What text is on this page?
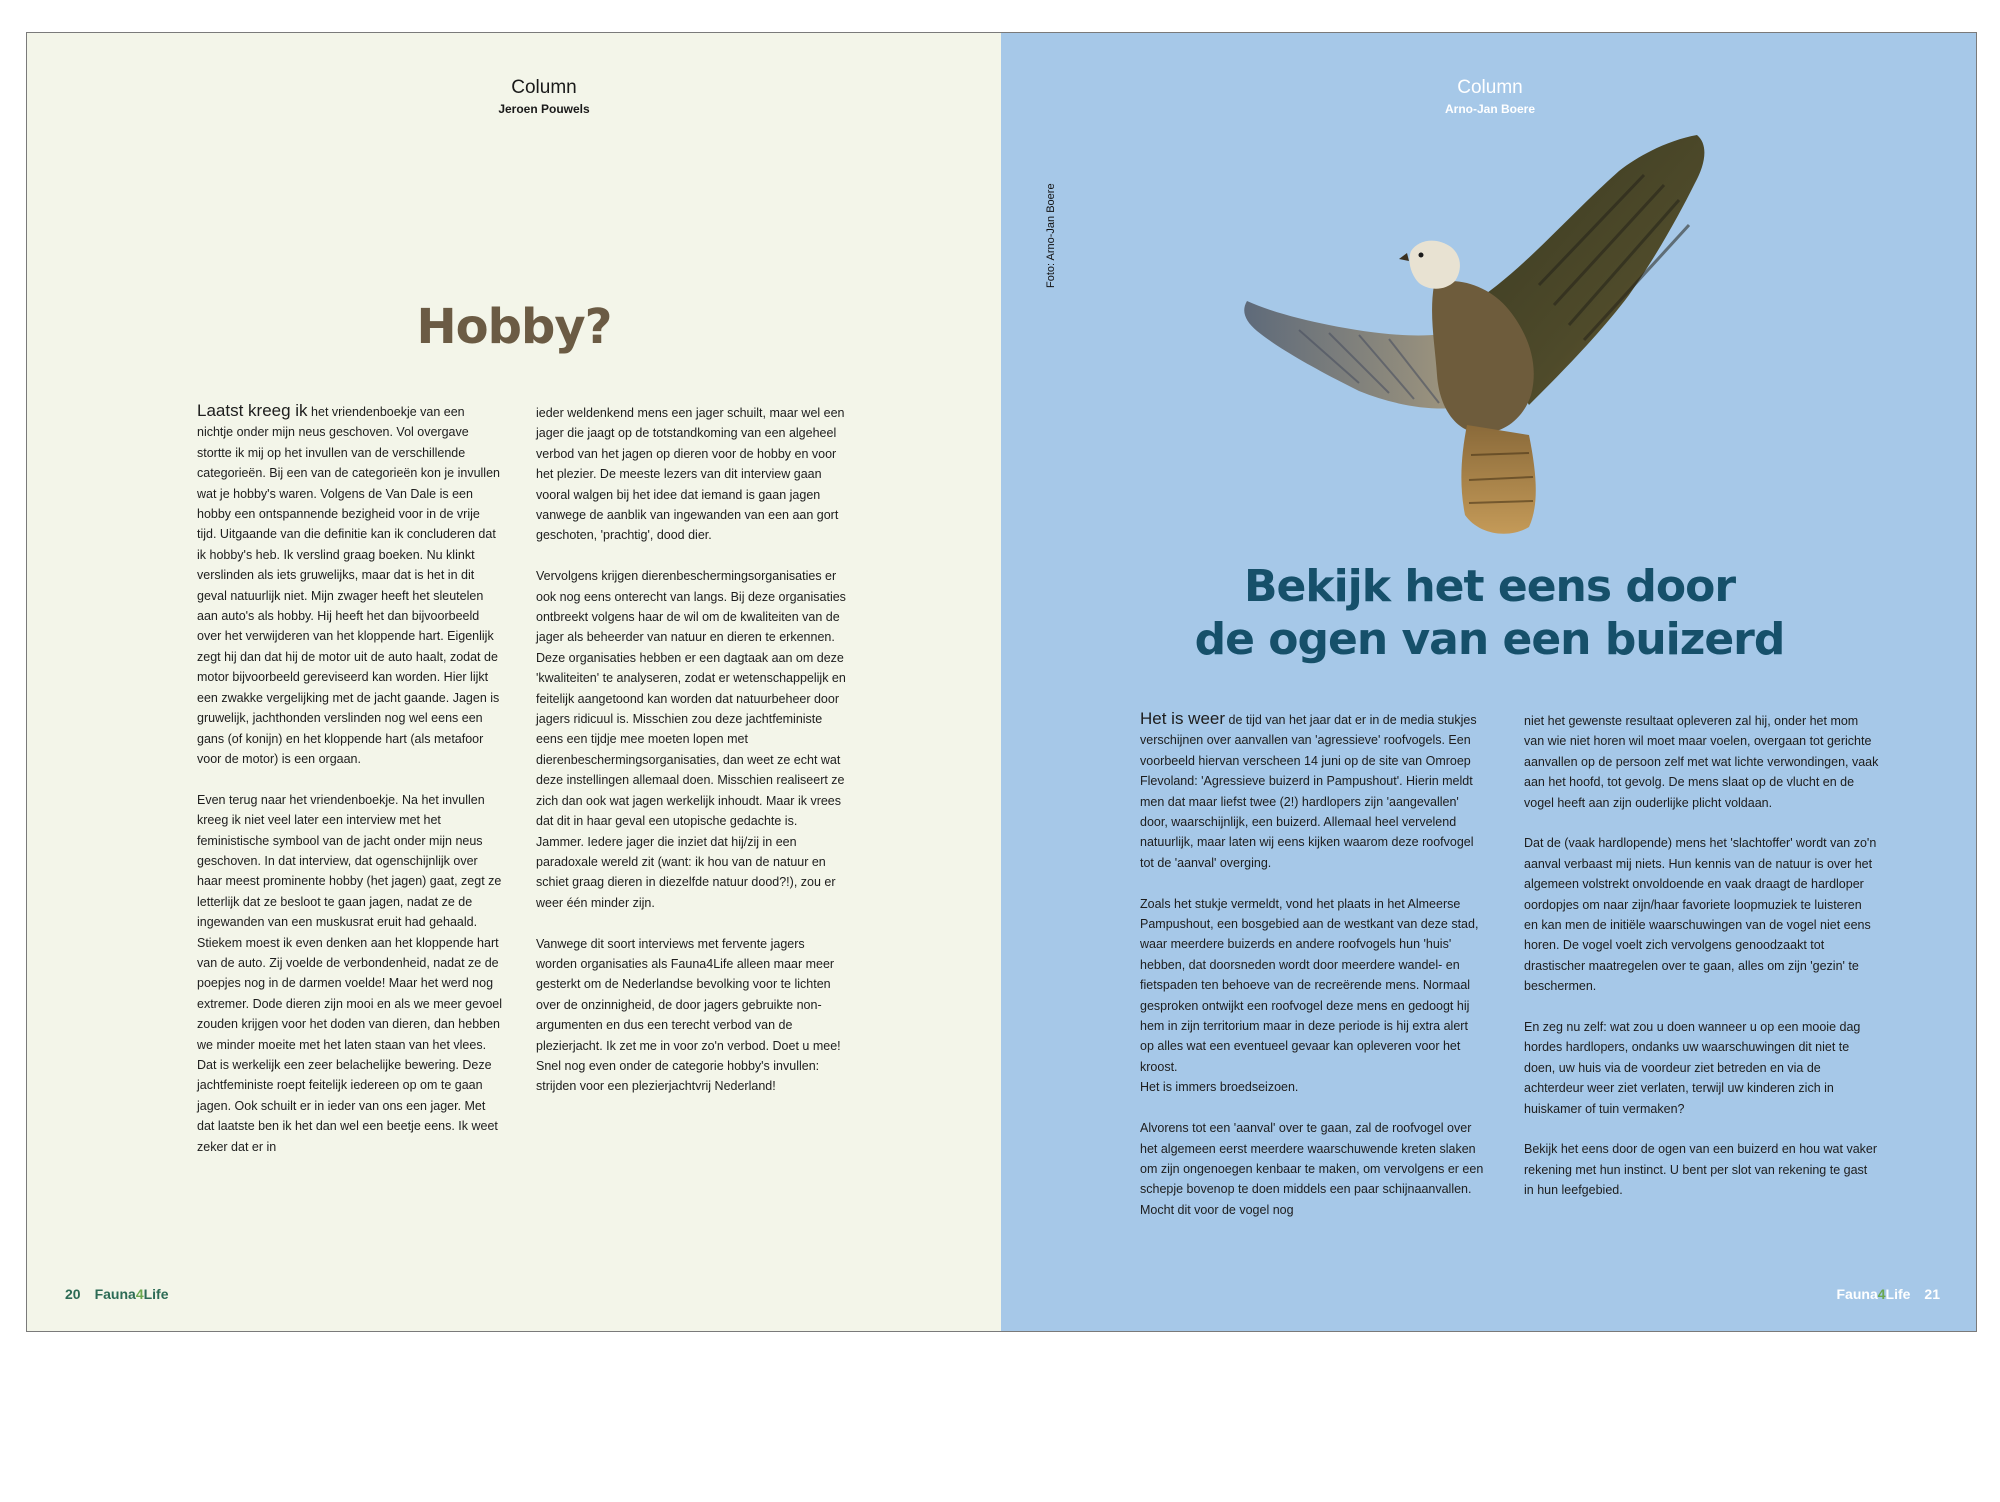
Column
Jeroen Pouwels
Hobby?

Laatst kreeg ik het vriendenboekje van een nichtje onder mijn neus geschoven. Vol overgave stortte ik mij op het invullen van de verschillende categorieën. Bij een van de categorieën kon je invullen wat je hobby's waren. Volgens de Van Dale is een hobby een ontspannende bezigheid voor in de vrije tijd. Uitgaande van die definitie kan ik concluderen dat ik hobby's heb. Ik verslind graag boeken. Nu klinkt verslinden als iets gruwelijks, maar dat is het in dit geval natuurlijk niet. Mijn zwager heeft het sleutelen aan auto's als hobby. Hij heeft het dan bijvoorbeeld over het verwijderen van het kloppende hart. Eigenlijk zegt hij dan dat hij de motor uit de auto haalt, zodat de motor bijvoorbeeld gereviseerd kan worden. Hier lijkt een zwakke vergelijking met de jacht gaande. Jagen is gruwelijk, jachthonden verslinden nog wel eens een gans (of konijn) en het kloppende hart (als metafoor voor de motor) is een orgaan.

Even terug naar het vriendenboekje. Na het invullen kreeg ik niet veel later een interview met het feministische symbool van de jacht onder mijn neus geschoven. In dat interview, dat ogenschijnlijk over haar meest prominente hobby (het jagen) gaat, zegt ze letterlijk dat ze besloot te gaan jagen, nadat ze de ingewanden van een muskusrat eruit had gehaald. Stiekem moest ik even denken aan het kloppende hart van de auto. Zij voelde de verbondenheid, nadat ze de poepjes nog in de darmen voelde! Maar het werd nog extremer. Dode dieren zijn mooi en als we meer gevoel zouden krijgen voor het doden van dieren, dan hebben we minder moeite met het laten staan van het vlees. Dat is werkelijk een zeer belachelijke bewering. Deze jachtfeministe roept feitelijk iedereen op om te gaan jagen. Ook schuilt er in ieder van ons een jager. Met dat laatste ben ik het dan wel een beetje eens. Ik weet zeker dat er in

ieder weldenkend mens een jager schuilt, maar wel een jager die jaagt op de totstandkoming van een algeheel verbod van het jagen op dieren voor de hobby en voor het plezier. De meeste lezers van dit interview gaan vooral walgen bij het idee dat iemand is gaan jagen vanwege de aanblik van ingewanden van een aan gort geschoten, 'prachtig', dood dier.

Vervolgens krijgen dierenbeschermingsorganisaties er ook nog eens onterecht van langs. Bij deze organisaties ontbreekt volgens haar de wil om de kwaliteiten van de jager als beheerder van natuur en dieren te erkennen. Deze organisaties hebben er een dagtaak aan om deze 'kwaliteiten' te analyseren, zodat er wetenschappelijk en feitelijk aangetoond kan worden dat natuurbeheer door jagers ridicuul is. Misschien zou deze jachtfeministe eens een tijdje mee moeten lopen met dierenbeschermingsorganisaties, dan weet ze echt wat deze instellingen allemaal doen. Misschien realiseert ze zich dan ook wat jagen werkelijk inhoudt. Maar ik vrees dat dit in haar geval een utopische gedachte is. Jammer. Iedere jager die inziet dat hij/zij in een paradoxale wereld zit (want: ik hou van de natuur en schiet graag dieren in diezelfde natuur dood?!), zou er weer één minder zijn.

Vanwege dit soort interviews met fervente jagers worden organisaties als Fauna4Life alleen maar meer gesterkt om de Nederlandse bevolking voor te lichten over de onzinnigheid, de door jagers gebruikte non-argumenten en dus een terecht verbod van de plezierjacht. Ik zet me in voor zo'n verbod. Doet u mee! Snel nog even onder de categorie hobby's invullen: strijden voor een plezierjachtvrij Nederland!

20 Fauna4Life
Column
Arno-Jan Boere
Foto: Arno-Jan Boere
Bekijk het eens door
de ogen van een buizerd

Het is weer de tijd van het jaar dat er in de media stukjes verschijnen over aanvallen van 'agressieve' roofvogels. Een voorbeeld hiervan verscheen 14 juni op de site van Omroep Flevoland: 'Agressieve buizerd in Pampushout'. Hierin meldt men dat maar liefst twee (2!) hardlopers zijn 'aangevallen' door, waarschijnlijk, een buizerd. Allemaal heel vervelend natuurlijk, maar laten wij eens kijken waarom deze roofvogel tot de 'aanval' overging.

Zoals het stukje vermeldt, vond het plaats in het Almeerse Pampushout, een bosgebied aan de westkant van deze stad, waar meerdere buizerds en andere roofvogels hun 'huis' hebben, dat doorsneden wordt door meerdere wandel- en fietspaden ten behoeve van de recreërende mens. Normaal gesproken ontwijkt een roofvogel deze mens en gedoogt hij hem in zijn territorium maar in deze periode is hij extra alert op alles wat een eventueel gevaar kan opleveren voor het kroost.
Het is immers broedseizoen.

Alvorens tot een 'aanval' over te gaan, zal de roofvogel over het algemeen eerst meerdere waarschuwende kreten slaken om zijn ongenoegen kenbaar te maken, om vervolgens er een schepje bovenop te doen middels een paar schijnaanvallen. Mocht dit voor de vogel nog

niet het gewenste resultaat opleveren zal hij, onder het mom van wie niet horen wil moet maar voelen, overgaan tot gerichte aanvallen op de persoon zelf met wat lichte verwondingen, vaak aan het hoofd, tot gevolg. De mens slaat op de vlucht en de vogel heeft aan zijn ouderlijke plicht voldaan.

Dat de (vaak hardlopende) mens het 'slachtoffer' wordt van zo'n aanval verbaast mij niets. Hun kennis van de natuur is over het algemeen volstrekt onvoldoende en vaak draagt de hardloper oordopjes om naar zijn/haar favoriete loopmuziek te luisteren en kan men de initiële waarschuwingen van de vogel niet eens horen. De vogel voelt zich vervolgens genoodzaakt tot drastischer maatregelen over te gaan, alles om zijn 'gezin' te beschermen.

En zeg nu zelf: wat zou u doen wanneer u op een mooie dag hordes hardlopers, ondanks uw waarschuwingen dit niet te doen, uw huis via de voordeur ziet betreden en via de achterdeur weer ziet verlaten, terwijl uw kinderen zich in huiskamer of tuin vermaken?

Bekijk het eens door de ogen van een buizerd en hou wat vaker rekening met hun instinct. U bent per slot van rekening te gast in hun leefgebied.

Fauna4Life 21
